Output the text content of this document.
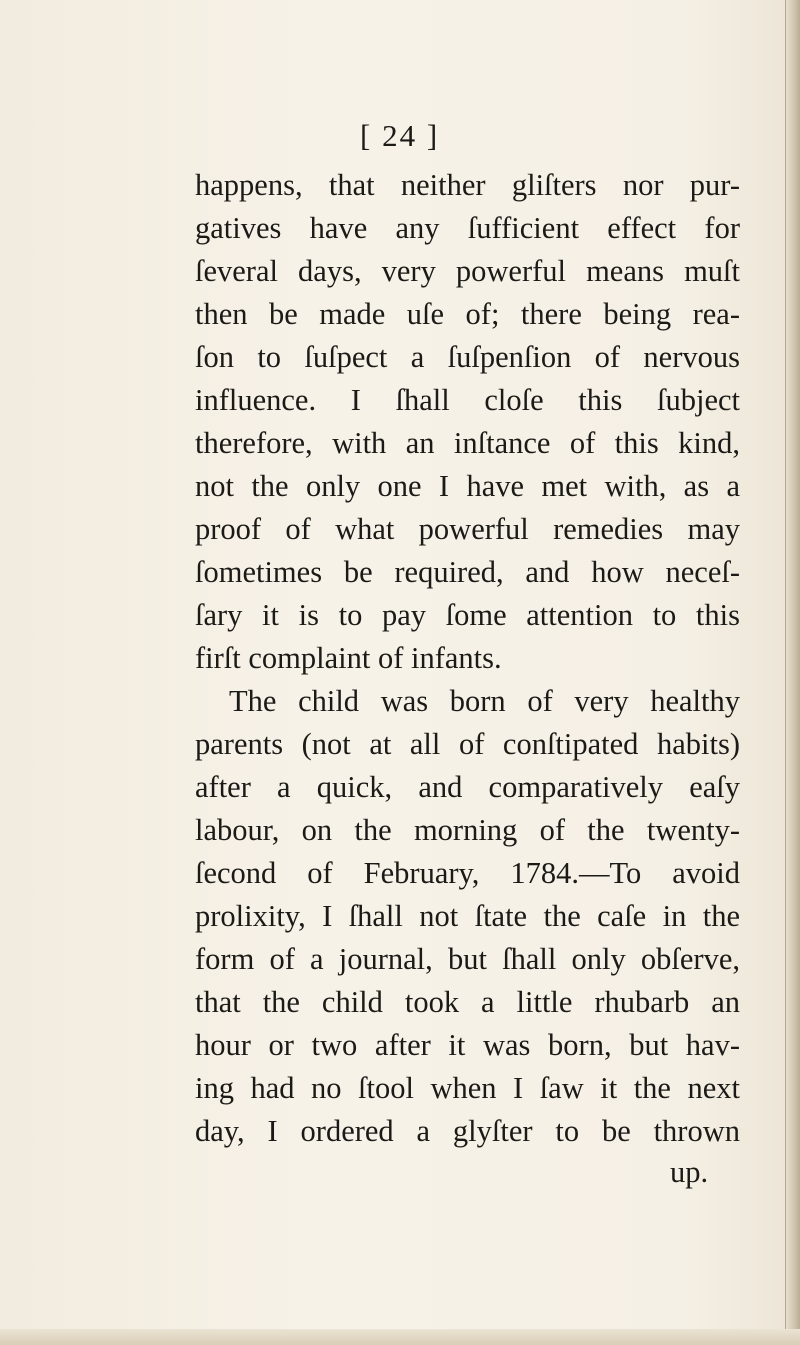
[ 24 ]
happens, that neither gliſters nor pur-
gatives have any ſufficient effect for
ſeveral days, very powerful means muſt
then be made uſe of; there being rea-
ſon to ſuſpect a ſuſpenſion of nervous
influence. I ſhall cloſe this ſubject
therefore, with an inſtance of this kind,
not the only one I have met with, as a
proof of what powerful remedies may
ſometimes be required, and how neceſ-
ſary it is to pay ſome attention to this
firſt complaint of infants.
The child was born of very healthy
parents (not at all of conſtipated habits)
after a quick, and comparatively eaſy
labour, on the morning of the twenty-
ſecond of February, 1784.—To avoid
prolixity, I ſhall not ſtate the caſe in the
form of a journal, but ſhall only obſerve,
that the child took a little rhubarb an
hour or two after it was born, but hav-
ing had no ſtool when I ſaw it the next
day, I ordered a glyſter to be thrown
up.
